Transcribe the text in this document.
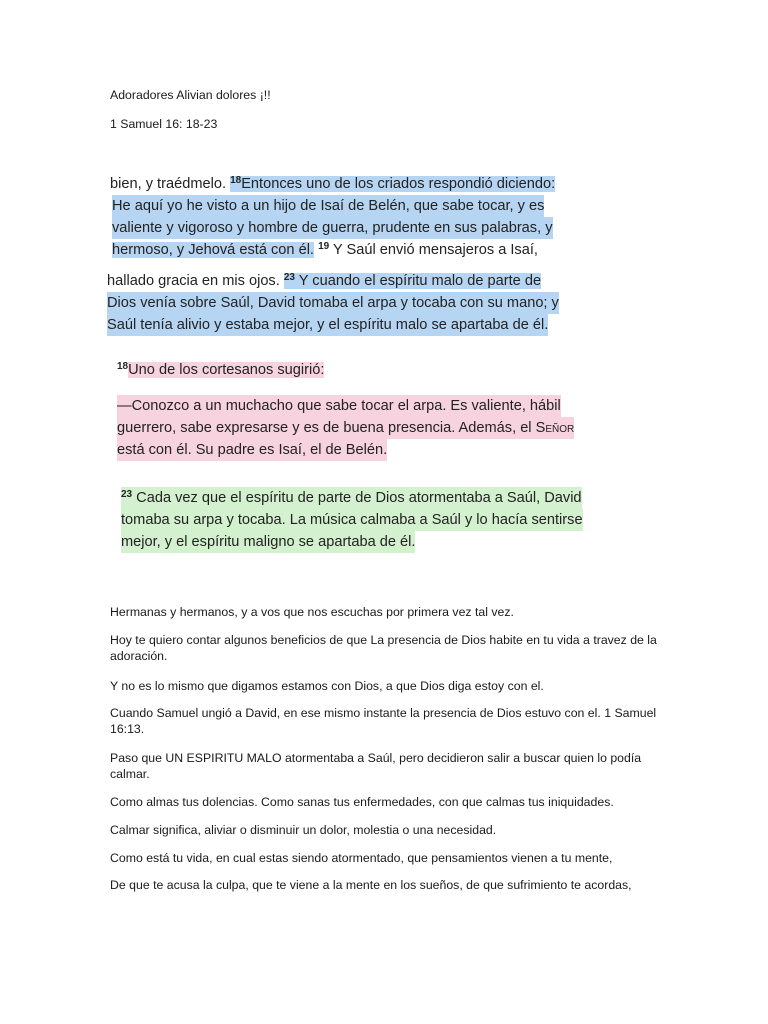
Adoradores Alivian dolores ¡!!
1 Samuel 16: 18-23

bien, y traédmelo. $^{18}$Entonces uno de los criados respondió diciendo:
He aquí yo he visto a un hijo de Isaí de Belén, que sabe tocar, y es
valiente y vigoroso y hombre de guerra, prudente en sus palabras, y
hermoso, y Jehová está con él. $^{19}$ Y Saúl envió mensajeros a Isaí,
hallado gracia en mis ojos. $^{23}$ Y cuando el espíritu malo de parte de
Dios venía sobre Saúl, David tomaba el arpa y tocaba con su mano; y
Saúl tenía alivio y estaba mejor, y el espíritu malo se apartaba de él.
$^{18}$Uno de los cortesanos sugirió:
—Conozco a un muchacho que sabe tocar el arpa. Es valiente, hábil
guerrero, sabe expresarse y es de buena presencia. Además, el Señor
está con él. Su padre es Isaí, el de Belén.
$^{23}$ Cada vez que el espíritu de parte de Dios atormentaba a Saúl, David
tomaba su arpa y tocaba. La música calmaba a Saúl y lo hacía sentirse
mejor, y el espíritu maligno se apartaba de él.
Hermanas y hermanos, y a vos que nos escuchas por primera vez tal vez.
Hoy te quiero contar algunos beneficios de que La presencia de Dios habite en tu vida a travez de la adoración.
Y no es lo mismo que digamos estamos con Dios, a que Dios diga estoy con el.
Cuando Samuel ungió a David, en ese mismo instante la presencia de Dios estuvo con el. 1 Samuel 16:13.
Paso que UN ESPIRITU MALO atormentaba a Saúl, pero decidieron salir a buscar quien lo podía calmar.
Como almas tus dolencias. Como sanas tus enfermedades, con que calmas tus iniquidades.
Calmar significa, aliviar o disminuir un dolor, molestia o una necesidad.
Como está tu vida, en cual estas siendo atormentado, que pensamientos vienen a tu mente,
De que te acusa la culpa, que te viene a la mente en los sueños, de que sufrimiento te acordas,
